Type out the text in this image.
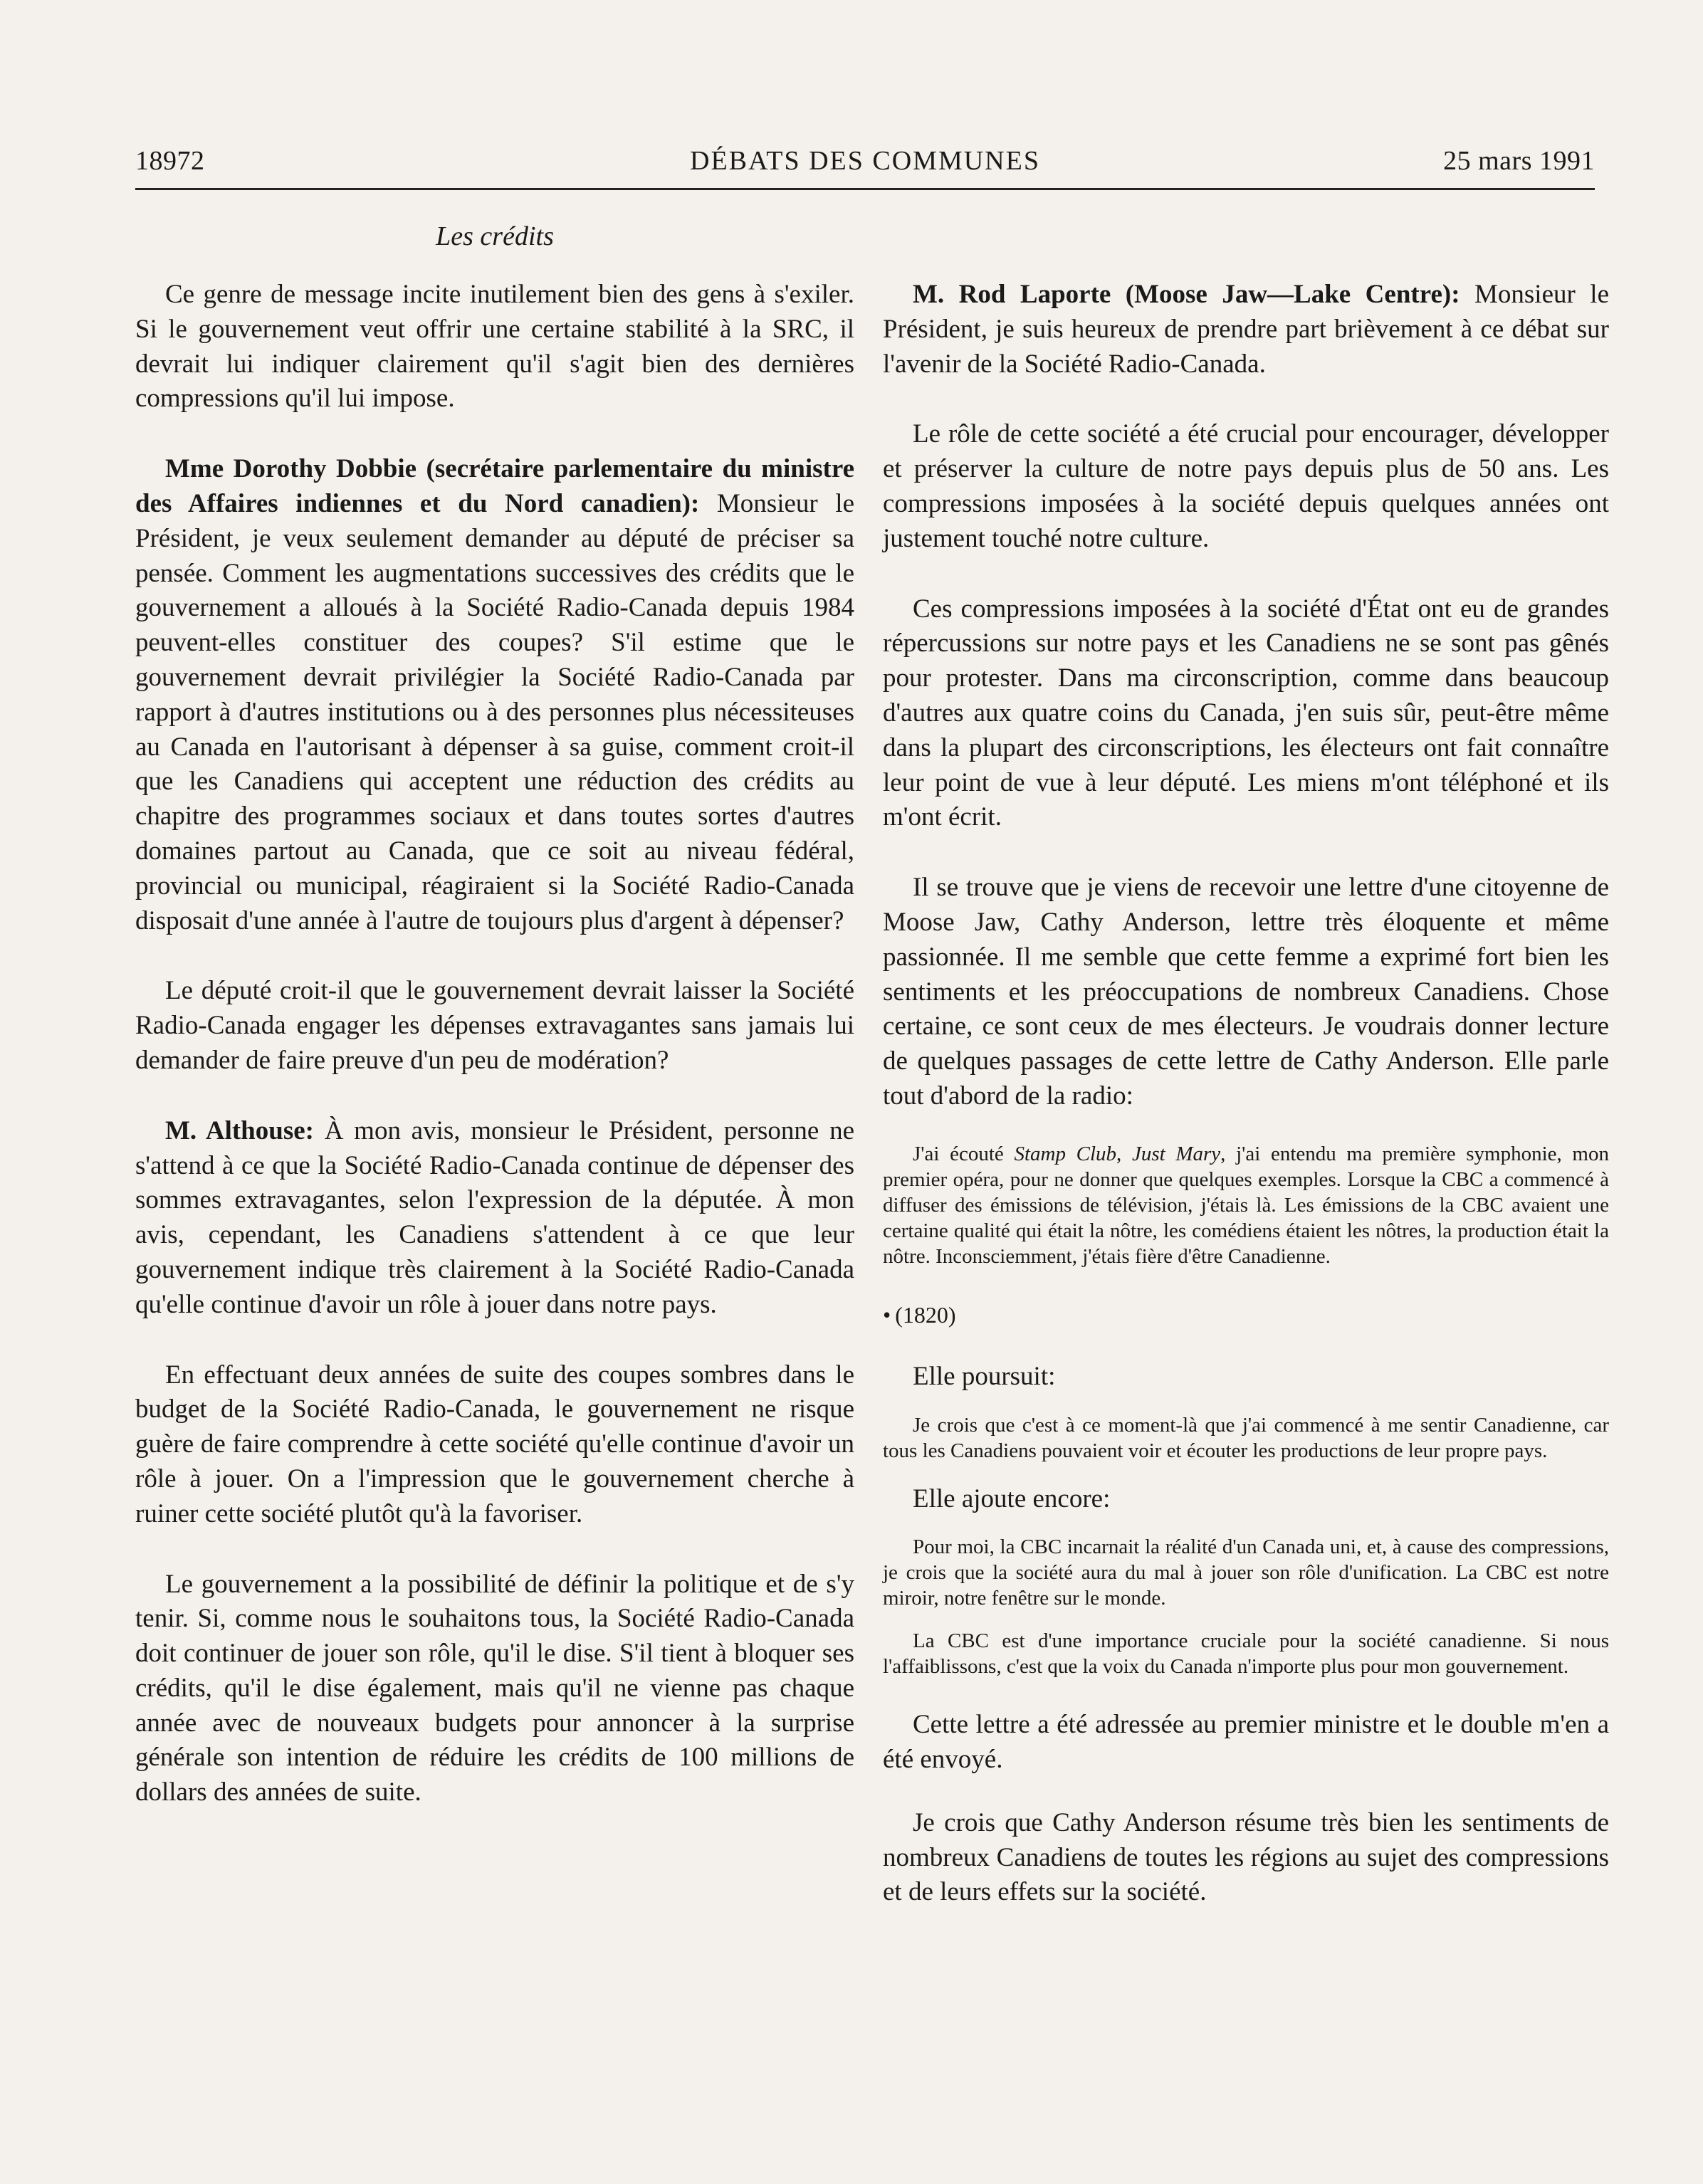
18972	DÉBATS DES COMMUNES	25 mars 1991
Les crédits

Ce genre de message incite inutilement bien des gens à s'exiler. Si le gouvernement veut offrir une certaine stabilité à la SRC, il devrait lui indiquer clairement qu'il s'agit bien des dernières compressions qu'il lui impose.

Mme Dorothy Dobbie (secrétaire parlementaire du ministre des Affaires indiennes et du Nord canadien): Monsieur le Président, je veux seulement demander au député de préciser sa pensée. Comment les augmentations successives des crédits que le gouvernement a alloués à la Société Radio-Canada depuis 1984 peuvent-elles constituer des coupes? S'il estime que le gouvernement devrait privilégier la Société Radio-Canada par rapport à d'autres institutions ou à des personnes plus nécessiteuses au Canada en l'autorisant à dépenser à sa guise, comment croit-il que les Canadiens qui acceptent une réduction des crédits au chapitre des programmes sociaux et dans toutes sortes d'autres domaines partout au Canada, que ce soit au niveau fédéral, provincial ou municipal, réagiraient si la Société Radio-Canada disposait d'une année à l'autre de toujours plus d'argent à dépenser?

Le député croit-il que le gouvernement devrait laisser la Société Radio-Canada engager les dépenses extravagantes sans jamais lui demander de faire preuve d'un peu de modération?

M. Althouse: À mon avis, monsieur le Président, personne ne s'attend à ce que la Société Radio-Canada continue de dépenser des sommes extravagantes, selon l'expression de la députée. À mon avis, cependant, les Canadiens s'attendent à ce que leur gouvernement indique très clairement à la Société Radio-Canada qu'elle continue d'avoir un rôle à jouer dans notre pays.

En effectuant deux années de suite des coupes sombres dans le budget de la Société Radio-Canada, le gouvernement ne risque guère de faire comprendre à cette société qu'elle continue d'avoir un rôle à jouer. On a l'impression que le gouvernement cherche à ruiner cette société plutôt qu'à la favoriser.

Le gouvernement a la possibilité de définir la politique et de s'y tenir. Si, comme nous le souhaitons tous, la Société Radio-Canada doit continuer de jouer son rôle, qu'il le dise. S'il tient à bloquer ses crédits, qu'il le dise également, mais qu'il ne vienne pas chaque année avec de nouveaux budgets pour annoncer à la surprise générale son intention de réduire les crédits de 100 millions de dollars des années de suite.

M. Rod Laporte (Moose Jaw—Lake Centre): Monsieur le Président, je suis heureux de prendre part brièvement à ce débat sur l'avenir de la Société Radio-Canada.

Le rôle de cette société a été crucial pour encourager, développer et préserver la culture de notre pays depuis plus de 50 ans. Les compressions imposées à la société depuis quelques années ont justement touché notre culture.

Ces compressions imposées à la société d'État ont eu de grandes répercussions sur notre pays et les Canadiens ne se sont pas gênés pour protester. Dans ma circonscription, comme dans beaucoup d'autres aux quatre coins du Canada, j'en suis sûr, peut-être même dans la plupart des circonscriptions, les électeurs ont fait connaître leur point de vue à leur député. Les miens m'ont téléphoné et ils m'ont écrit.

Il se trouve que je viens de recevoir une lettre d'une citoyenne de Moose Jaw, Cathy Anderson, lettre très éloquente et même passionnée. Il me semble que cette femme a exprimé fort bien les sentiments et les préoccupations de nombreux Canadiens. Chose certaine, ce sont ceux de mes électeurs. Je voudrais donner lecture de quelques passages de cette lettre de Cathy Anderson. Elle parle tout d'abord de la radio:

J'ai écouté Stamp Club, Just Mary, j'ai entendu ma première symphonie, mon premier opéra, pour ne donner que quelques exemples. Lorsque la CBC a commencé à diffuser des émissions de télévision, j'étais là. Les émissions de la CBC avaient une certaine qualité qui était la nôtre, les comédiens étaient les nôtres, la production était la nôtre. Inconsciemment, j'étais fière d'être Canadienne.

• (1820)

Elle poursuit:

Je crois que c'est à ce moment-là que j'ai commencé à me sentir Canadienne, car tous les Canadiens pouvaient voir et écouter les productions de leur propre pays.

Elle ajoute encore:

Pour moi, la CBC incarnait la réalité d'un Canada uni, et, à cause des compressions, je crois que la société aura du mal à jouer son rôle d'unification. La CBC est notre miroir, notre fenêtre sur le monde.

La CBC est d'une importance cruciale pour la société canadienne. Si nous l'affaiblissons, c'est que la voix du Canada n'importe plus pour mon gouvernement.

Cette lettre a été adressée au premier ministre et le double m'en a été envoyé.

Je crois que Cathy Anderson résume très bien les sentiments de nombreux Canadiens de toutes les régions au sujet des compressions et de leurs effets sur la société.
